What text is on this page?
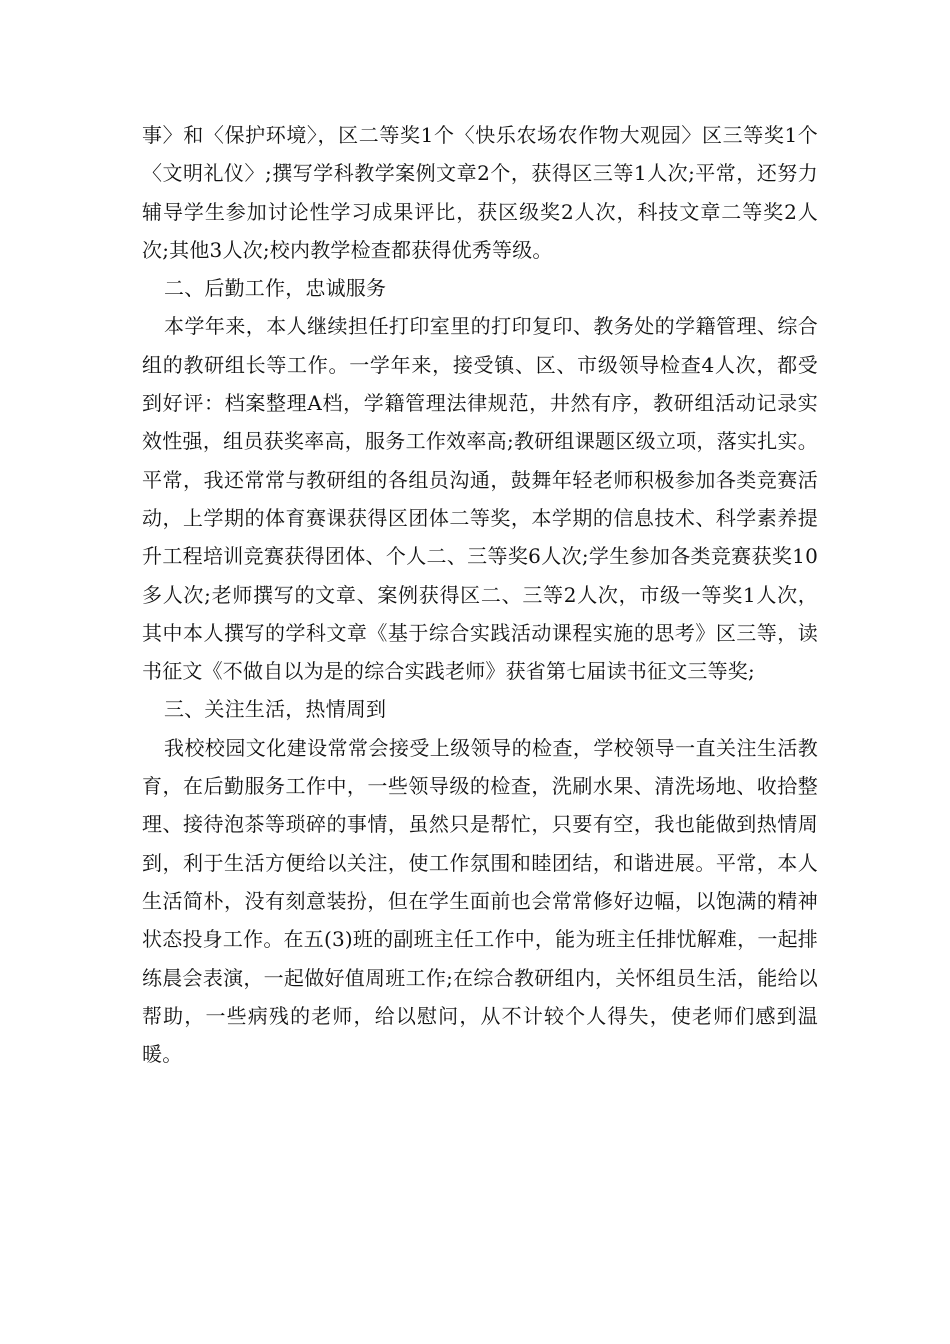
事〉和〈保护环境〉，区二等奖1个〈快乐农场农作物大观园〉区三等奖1个〈文明礼仪〉;撰写学科教学案例文章2个，获得区三等1人次;平常，还努力辅导学生参加讨论性学习成果评比，获区级奖2人次，科技文章二等奖2人次;其他3人次;校内教学检查都获得优秀等级。

二、后勤工作，忠诚服务

本学年来，本人继续担任打印室里的打印复印、教务处的学籍管理、综合组的教研组长等工作。一学年来，接受镇、区、市级领导检查4人次，都受到好评：档案整理A档，学籍管理法律规范，井然有序，教研组活动记录实效性强，组员获奖率高，服务工作效率高;教研组课题区级立项，落实扎实。平常，我还常常与教研组的各组员沟通，鼓舞年轻老师积极参加各类竞赛活动，上学期的体育赛课获得区团体二等奖，本学期的信息技术、科学素养提升工程培训竞赛获得团体、个人二、三等奖6人次;学生参加各类竞赛获奖10多人次;老师撰写的文章、案例获得区二、三等2人次，市级一等奖1人次，其中本人撰写的学科文章《基于综合实践活动课程实施的思考》区三等，读书征文《不做自以为是的综合实践老师》获省第七届读书征文三等奖;

三、关注生活，热情周到

我校校园文化建设常常会接受上级领导的检查，学校领导一直关注生活教育，在后勤服务工作中，一些领导级的检查，洗刷水果、清洗场地、收拾整理、接待泡茶等琐碎的事情，虽然只是帮忙，只要有空，我也能做到热情周到，利于生活方便给以关注，使工作氛围和睦团结，和谐进展。平常，本人生活简朴，没有刻意装扮，但在学生面前也会常常修好边幅，以饱满的精神状态投身工作。在五(3)班的副班主任工作中，能为班主任排忧解难，一起排练晨会表演，一起做好值周班工作;在综合教研组内，关怀组员生活，能给以帮助，一些病残的老师，给以慰问，从不计较个人得失，使老师们感到温暖。
